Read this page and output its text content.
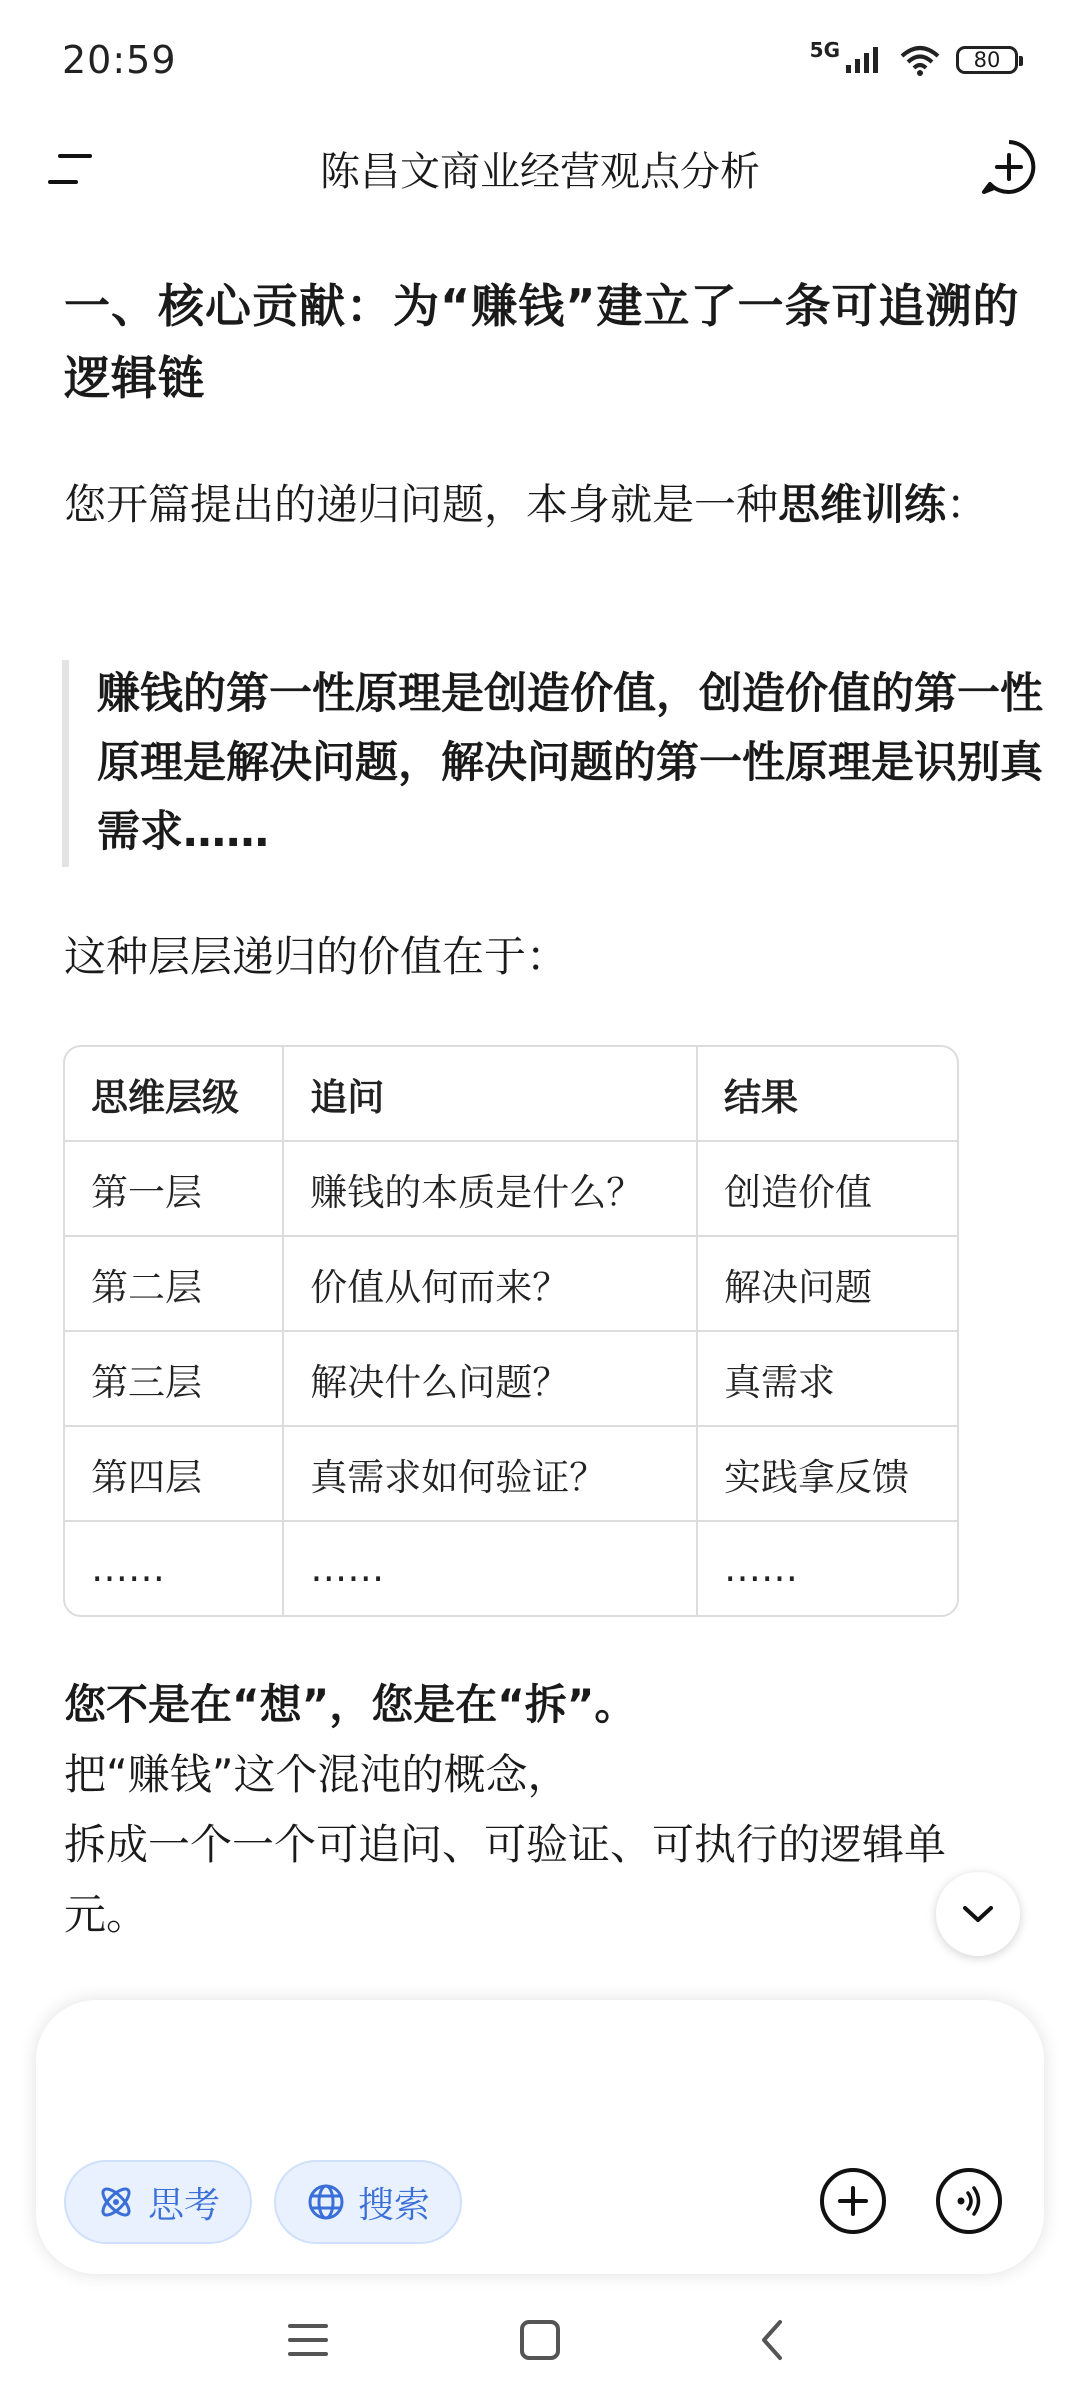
20:59	5G	80
陈昌文商业经营观点分析
一、核心贡献：为“赚钱”建立了一条可追溯的逻辑链

您开篇提出的递归问题，本身就是一种思维训练：

赚钱的第一性原理是创造价值，创造价值的第一性原理是解决问题，解决问题的第一性原理是识别真需求……

这种层层递归的价值在于：

思维层级	追问	结果
第一层	赚钱的本质是什么？	创造价值
第二层	价值从何而来？	解决问题
第三层	解决什么问题？	真需求
第四层	真需求如何验证？	实践拿反馈
……	……	……

您不是在“想”，您是在“拆”。

把“赚钱”这个混沌的概念，

拆成一个一个可追问、可验证、可执行的逻辑单元。

思考	搜索
